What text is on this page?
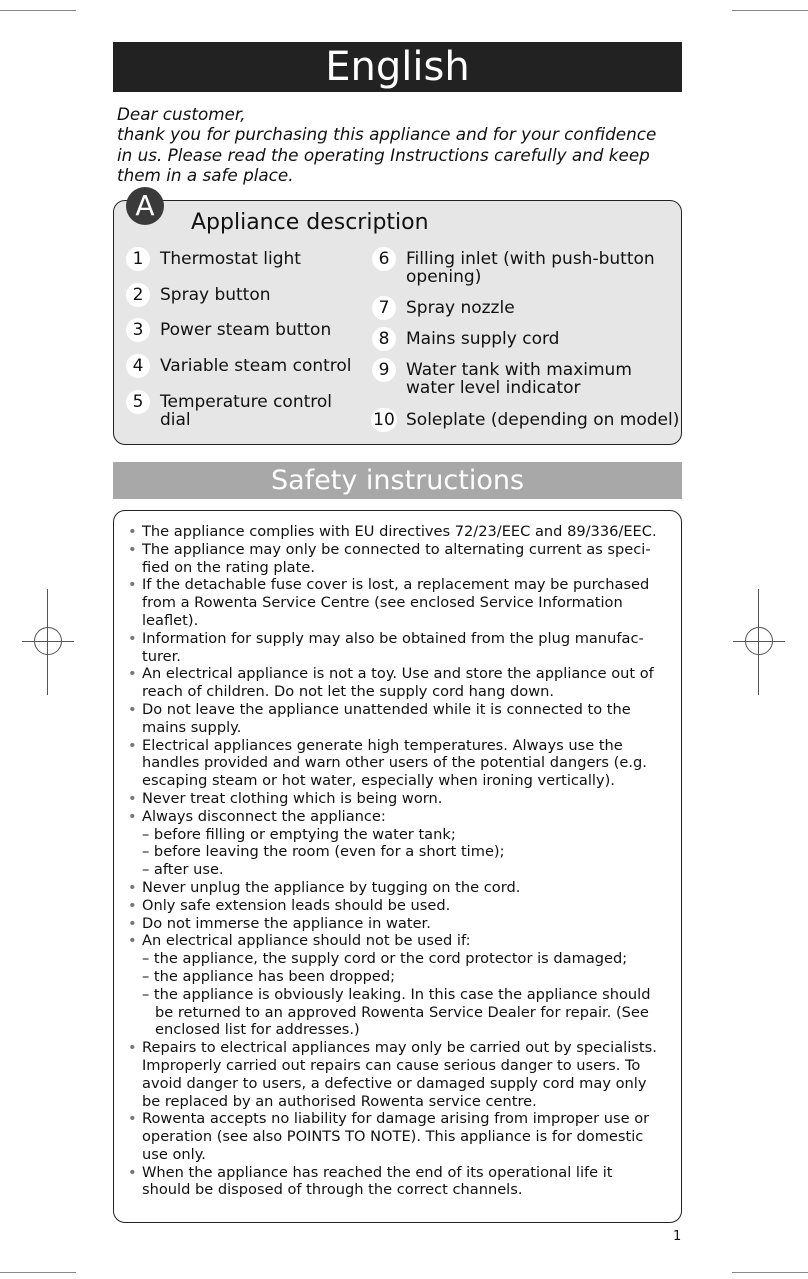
English
Dear customer,
thank you for purchasing this appliance and for your confidence
in us. Please read the operating Instructions carefully and keep
them in a safe place.
A
Appliance description
1 Thermostat light
2 Spray button
3 Power steam button
4 Variable steam control
5 Temperature control
dial
6 Filling inlet (with push-button
opening)
7 Spray nozzle
8 Mains supply cord
9 Water tank with maximum
water level indicator
10 Soleplate (depending on model)
Safety instructions
• The appliance complies with EU directives 72/23/EEC and 89/336/EEC.
• The appliance may only be connected to alternating current as speci-
fied on the rating plate.
• If the detachable fuse cover is lost, a replacement may be purchased
from a Rowenta Service Centre (see enclosed Service Information
leaflet).
• Information for supply may also be obtained from the plug manufac-
turer.
• An electrical appliance is not a toy. Use and store the appliance out of
reach of children. Do not let the supply cord hang down.
• Do not leave the appliance unattended while it is connected to the
mains supply.
• Electrical appliances generate high temperatures. Always use the
handles provided and warn other users of the potential dangers (e.g.
escaping steam or hot water, especially when ironing vertically).
• Never treat clothing which is being worn.
• Always disconnect the appliance:
– before filling or emptying the water tank;
– before leaving the room (even for a short time);
– after use.
• Never unplug the appliance by tugging on the cord.
• Only safe extension leads should be used.
• Do not immerse the appliance in water.
• An electrical appliance should not be used if:
– the appliance, the supply cord or the cord protector is damaged;
– the appliance has been dropped;
– the appliance is obviously leaking. In this case the appliance should
be returned to an approved Rowenta Service Dealer for repair. (See
enclosed list for addresses.)
• Repairs to electrical appliances may only be carried out by specialists.
Improperly carried out repairs can cause serious danger to users. To
avoid danger to users, a defective or damaged supply cord may only
be replaced by an authorised Rowenta service centre.
• Rowenta accepts no liability for damage arising from improper use or
operation (see also POINTS TO NOTE). This appliance is for domestic
use only.
• When the appliance has reached the end of its operational life it
should be disposed of through the correct channels.
1
